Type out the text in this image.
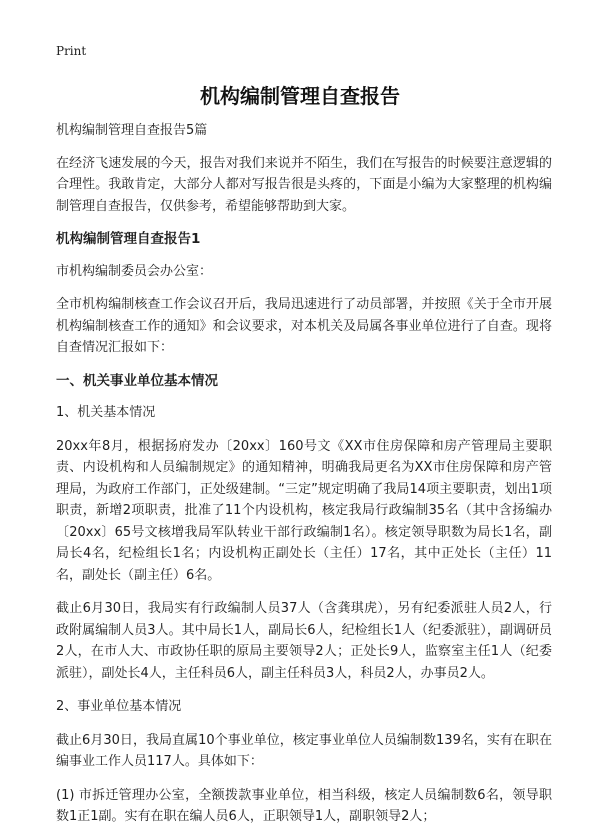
Print
机构编制管理自查报告

机构编制管理自查报告5篇

在经济飞速发展的今天，报告对我们来说并不陌生，我们在写报告的时候要注意逻辑的合理性。我敢肯定，大部分人都对写报告很是头疼的，下面是小编为大家整理的机构编制管理自查报告，仅供参考，希望能够帮助到大家。

机构编制管理自查报告1

市机构编制委员会办公室：

全市机构编制核查工作会议召开后，我局迅速进行了动员部署，并按照《关于全市开展机构编制核查工作的通知》和会议要求，对本机关及局属各事业单位进行了自查。现将自查情况汇报如下：

一、机关事业单位基本情况

1、机关基本情况

20xx年8月，根据扬府发办〔20xx〕160号文《XX市住房保障和房产管理局主要职责、内设机构和人员编制规定》的通知精神，明确我局更名为XX市住房保障和房产管理局，为政府工作部门，正处级建制。“三定”规定明确了我局14项主要职责，划出1项职责，新增2项职责，批准了11个内设机构，核定我局行政编制35名（其中含扬编办〔20xx〕65号文核增我局军队转业干部行政编制1名）。核定领导职数为局长1名，副局长4名，纪检组长1名；内设机构正副处长（主任）17名，其中正处长（主任）11名，副处长（副主任）6名。

截止6月30日，我局实有行政编制人员37人（含龚琪虎），另有纪委派驻人员2人，行政附属编制人员3人。其中局长1人，副局长6人，纪检组长1人（纪委派驻），副调研员2人，在市人大、市政协任职的原局主要领导2人；正处长9人，监察室主任1人（纪委派驻），副处长4人，主任科员6人，副主任科员3人，科员2人，办事员2人。

2、事业单位基本情况

截止6月30日，我局直属10个事业单位，核定事业单位人员编制数139名，实有在职在编事业工作人员117人。具体如下：

(1) 市拆迁管理办公室，全额拨款事业单位，相当科级，核定人员编制数6名，领导职数1正1副。实有在职在编人员6人，正职领导1人，副职领导2人；
